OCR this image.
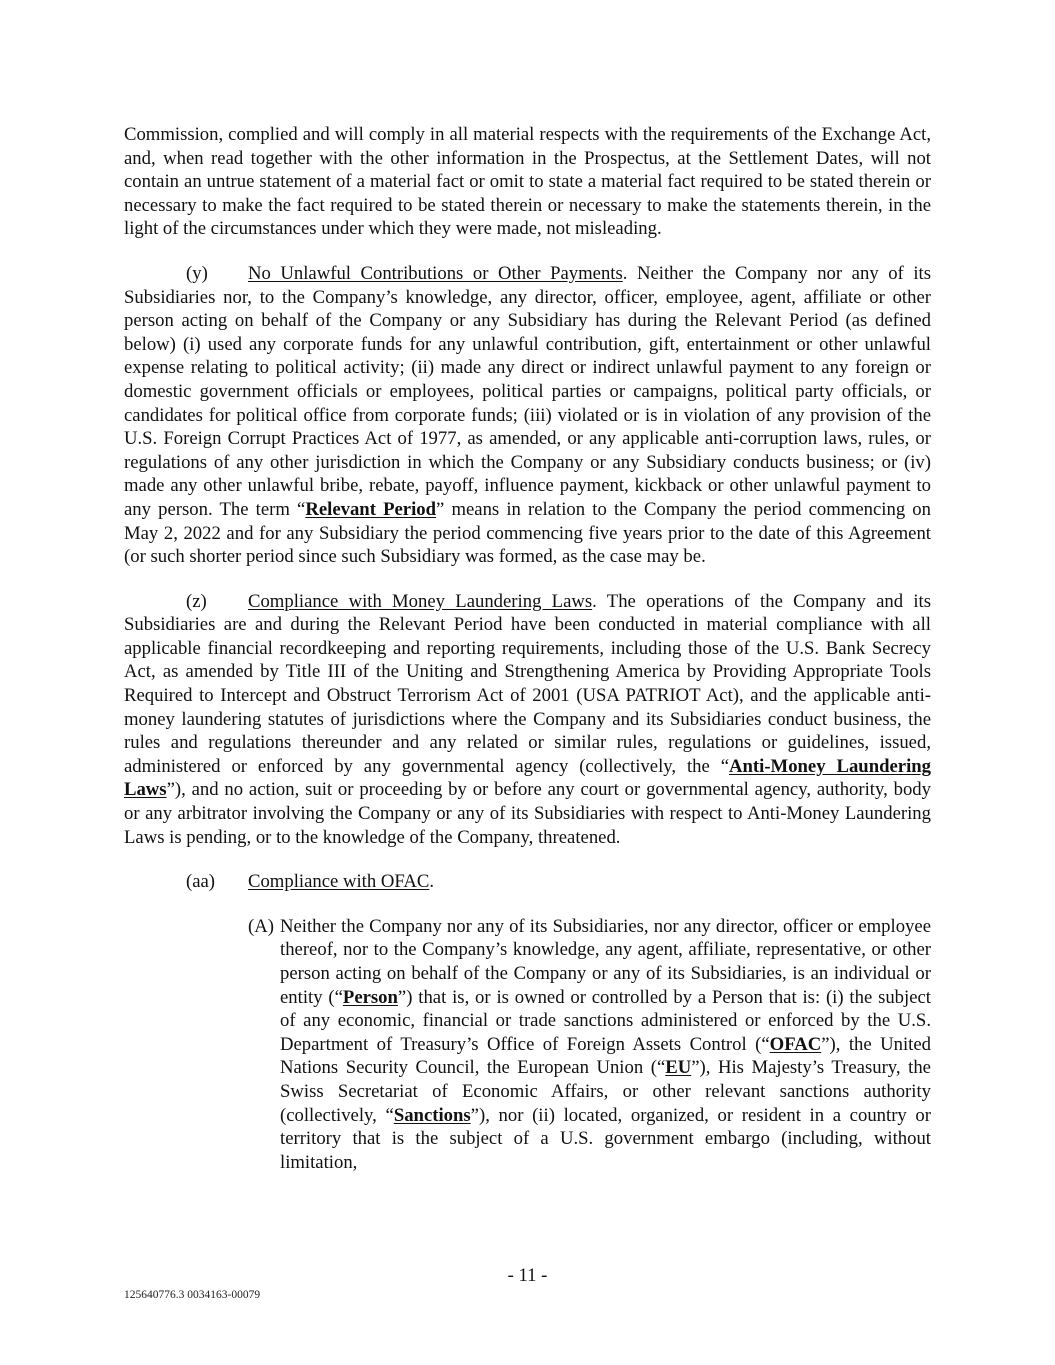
Commission, complied and will comply in all material respects with the requirements of the Exchange Act, and, when read together with the other information in the Prospectus, at the Settlement Dates, will not contain an untrue statement of a material fact or omit to state a material fact required to be stated therein or necessary to make the fact required to be stated therein or necessary to make the statements therein, in the light of the circumstances under which they were made, not misleading.

(y) No Unlawful Contributions or Other Payments. Neither the Company nor any of its Subsidiaries nor, to the Company’s knowledge, any director, officer, employee, agent, affiliate or other person acting on behalf of the Company or any Subsidiary has during the Relevant Period (as defined below) (i) used any corporate funds for any unlawful contribution, gift, entertainment or other unlawful expense relating to political activity; (ii) made any direct or indirect unlawful payment to any foreign or domestic government officials or employees, political parties or campaigns, political party officials, or candidates for political office from corporate funds; (iii) violated or is in violation of any provision of the U.S. Foreign Corrupt Practices Act of 1977, as amended, or any applicable anti-corruption laws, rules, or regulations of any other jurisdiction in which the Company or any Subsidiary conducts business; or (iv) made any other unlawful bribe, rebate, payoff, influence payment, kickback or other unlawful payment to any person. The term “Relevant Period” means in relation to the Company the period commencing on May 2, 2022 and for any Subsidiary the period commencing five years prior to the date of this Agreement (or such shorter period since such Subsidiary was formed, as the case may be.

(z) Compliance with Money Laundering Laws. The operations of the Company and its Subsidiaries are and during the Relevant Period have been conducted in material compliance with all applicable financial recordkeeping and reporting requirements, including those of the U.S. Bank Secrecy Act, as amended by Title III of the Uniting and Strengthening America by Providing Appropriate Tools Required to Intercept and Obstruct Terrorism Act of 2001 (USA PATRIOT Act), and the applicable anti-money laundering statutes of jurisdictions where the Company and its Subsidiaries conduct business, the rules and regulations thereunder and any related or similar rules, regulations or guidelines, issued, administered or enforced by any governmental agency (collectively, the “Anti-Money Laundering Laws”), and no action, suit or proceeding by or before any court or governmental agency, authority, body or any arbitrator involving the Company or any of its Subsidiaries with respect to Anti-Money Laundering Laws is pending, or to the knowledge of the Company, threatened.

(aa) Compliance with OFAC.

(A) Neither the Company nor any of its Subsidiaries, nor any director, officer or employee thereof, nor to the Company’s knowledge, any agent, affiliate, representative, or other person acting on behalf of the Company or any of its Subsidiaries, is an individual or entity (“Person”) that is, or is owned or controlled by a Person that is: (i) the subject of any economic, financial or trade sanctions administered or enforced by the U.S. Department of Treasury’s Office of Foreign Assets Control (“OFAC”), the United Nations Security Council, the European Union (“EU”), His Majesty’s Treasury, the Swiss Secretariat of Economic Affairs, or other relevant sanctions authority (collectively, “Sanctions”), nor (ii) located, organized, or resident in a country or territory that is the subject of a U.S. government embargo (including, without limitation,
- 11 -
125640776.3 0034163-00079
